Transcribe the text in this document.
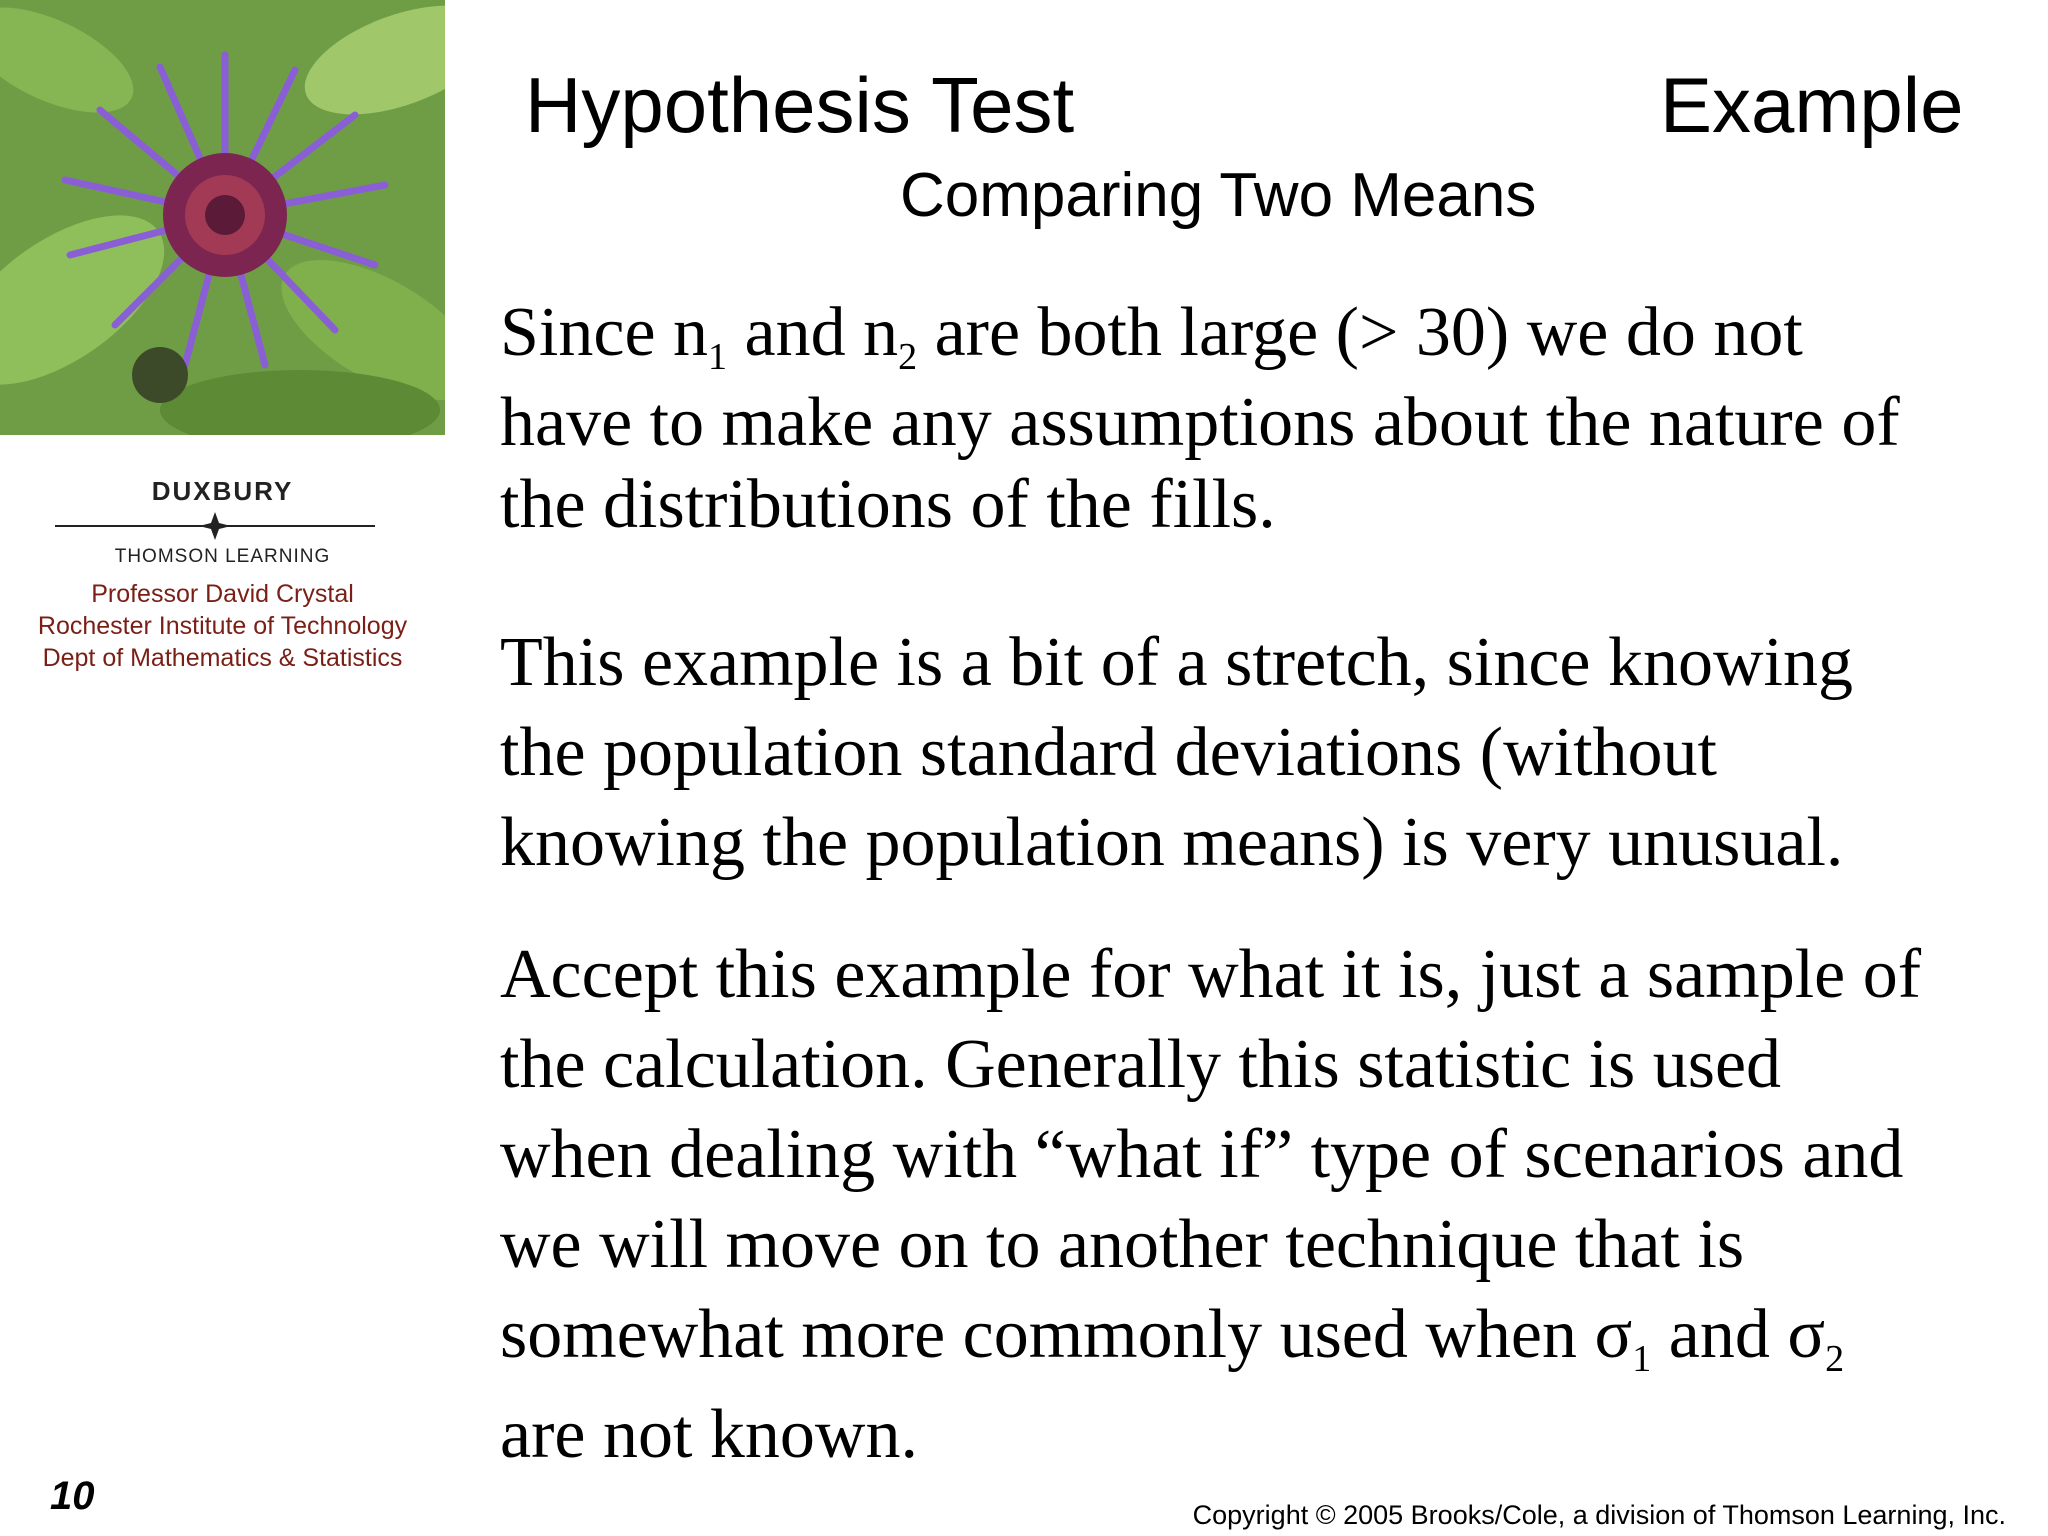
DUXBURY
THOMSON LEARNING
Professor David Crystal
Rochester Institute of Technology
Dept of Mathematics & Statistics
Hypothesis Test	Example
Comparing Two Means
Since $n_1$ and $n_2$ are both large (> 30) we do not
have to make any assumptions about the nature of
the distributions of the fills.
This example is a bit of a stretch, since knowing
the population standard deviations (without
knowing the population means) is very unusual.
Accept this example for what it is, just a sample of
the calculation. Generally this statistic is used
when dealing with “what if” type of scenarios and
we will move on to another technique that is
somewhat more commonly used when $\sigma_1$ and $\sigma_2$
are not known.
10	Copyright © 2005 Brooks/Cole, a division of Thomson Learning, Inc.
